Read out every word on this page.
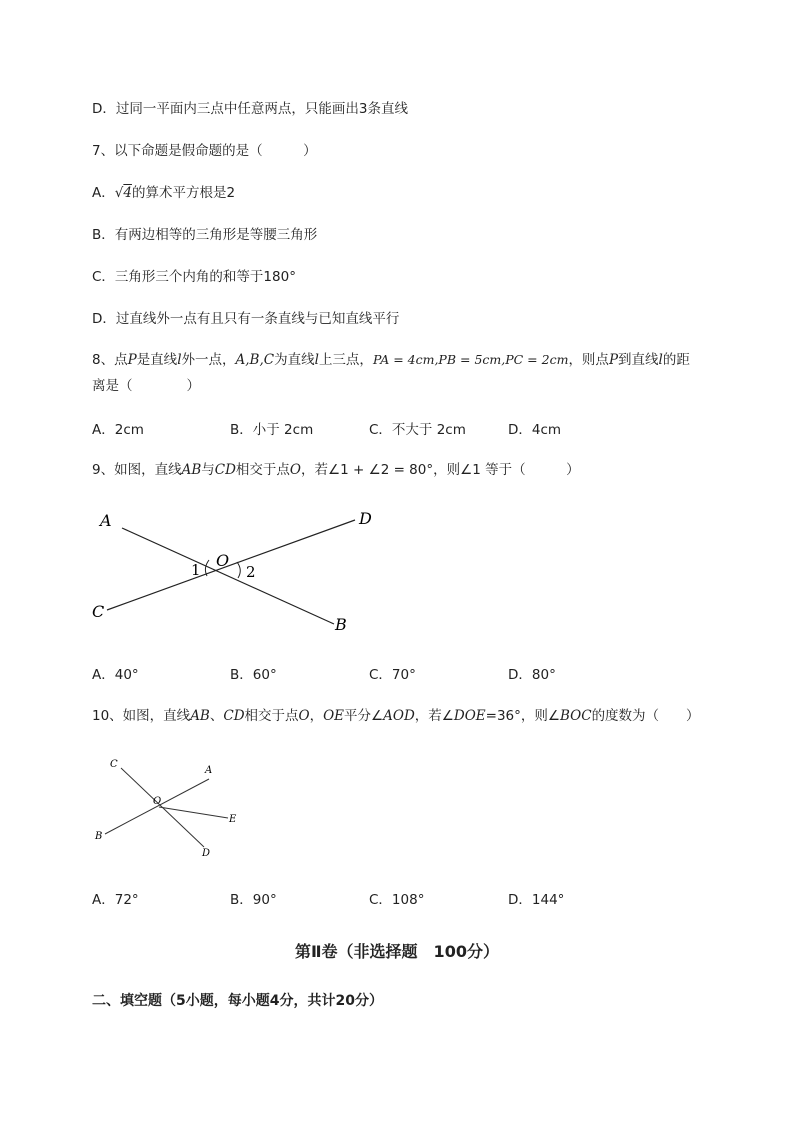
D．过同一平面内三点中任意两点，只能画出3条直线
7、以下命题是假命题的是（　　　）
A．√4的算术平方根是2
B．有两边相等的三角形是等腰三角形
C．三角形三个内角的和等于180°
D．过直线外一点有且只有一条直线与已知直线平行
8、点P是直线l外一点，A,B,C为直线l上三点，PA = 4cm,PB = 5cm,PC = 2cm，则点P到直线l的距
离是（　　　　）
A．2cm	B．小于 2cm	C．不大于 2cm	D．4cm
9、如图，直线AB与CD相交于点O，若∠1 + ∠2 = 80°，则∠1 等于（　　　）
A	D
O
1	2
C
B
A．40°	B．60°	C．70°	D．80°
10、如图，直线AB、CD相交于点O，OE平分∠AOD，若∠DOE=36°，则∠BOC的度数为（　　）
C
A
O
E
B
D
A．72°	B．90°	C．108°	D．144°
第Ⅱ卷（非选择题　100分）
二、填空题（5小题，每小题4分，共计20分）
